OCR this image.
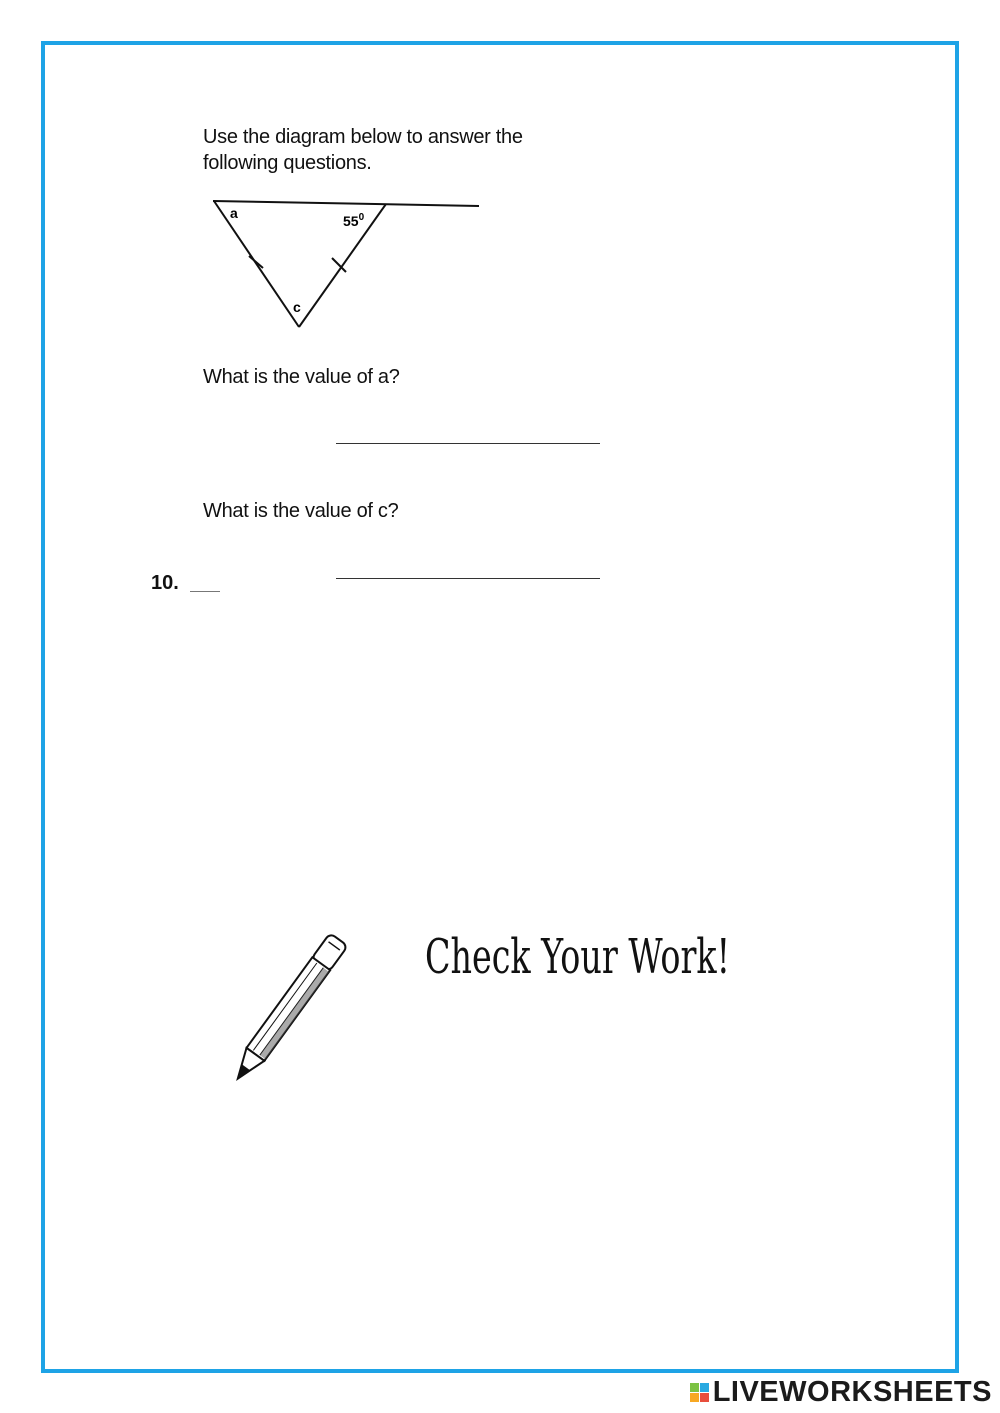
Use the diagram below to answer the following questions.
a	$55^0$
c
What is the value of a?
What is the value of c?
10.
Check Your Work!
LIVEWORKSHEETS
